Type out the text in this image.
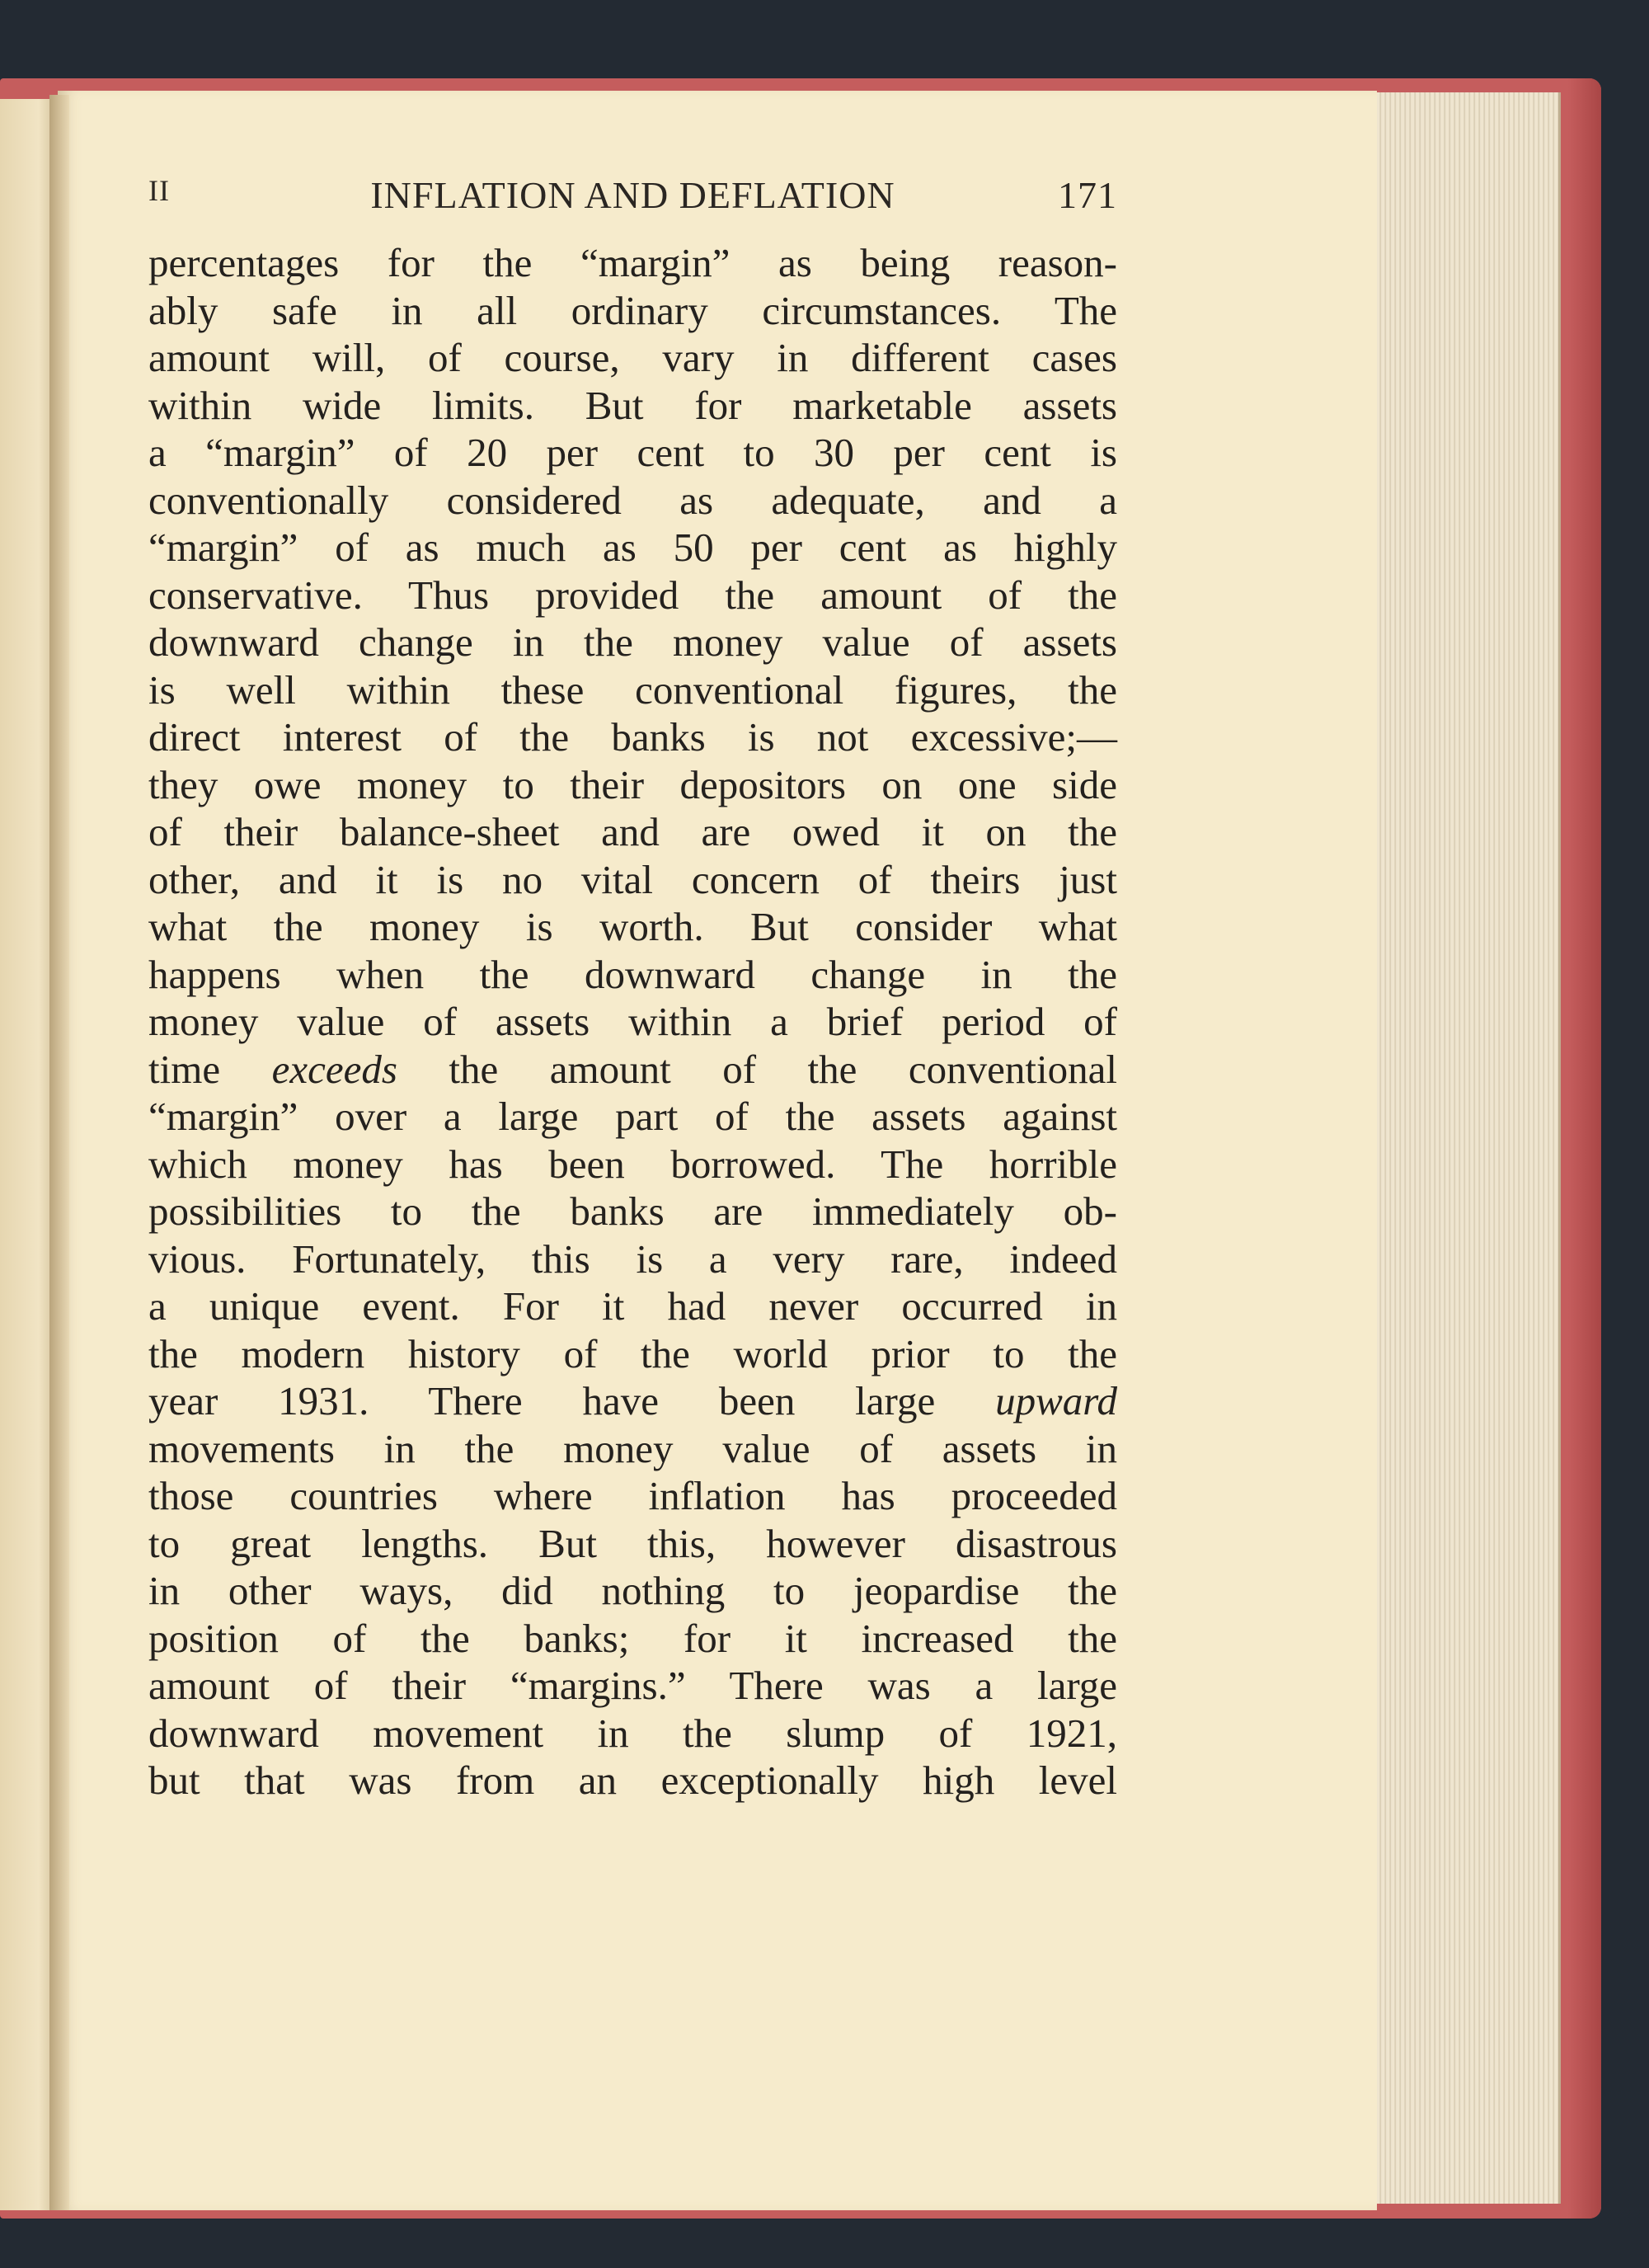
II	INFLATION AND DEFLATION	171
percentages for the “margin” as being reason-
ably safe in all ordinary circumstances. The
amount will, of course, vary in different cases
within wide limits. But for marketable assets
a “margin” of 20 per cent to 30 per cent is
conventionally considered as adequate, and a
“margin” of as much as 50 per cent as highly
conservative. Thus provided the amount of the
downward change in the money value of assets
is well within these conventional figures, the
direct interest of the banks is not excessive;—
they owe money to their depositors on one side
of their balance-sheet and are owed it on the
other, and it is no vital concern of theirs just
what the money is worth. But consider what
happens when the downward change in the
money value of assets within a brief period of
time exceeds the amount of the conventional
“margin” over a large part of the assets against
which money has been borrowed. The horrible
possibilities to the banks are immediately ob-
vious. Fortunately, this is a very rare, indeed
a unique event. For it had never occurred in
the modern history of the world prior to the
year 1931. There have been large upward
movements in the money value of assets in
those countries where inflation has proceeded
to great lengths. But this, however disastrous
in other ways, did nothing to jeopardise the
position of the banks; for it increased the
amount of their “margins.” There was a large
downward movement in the slump of 1921,
but that was from an exceptionally high level
